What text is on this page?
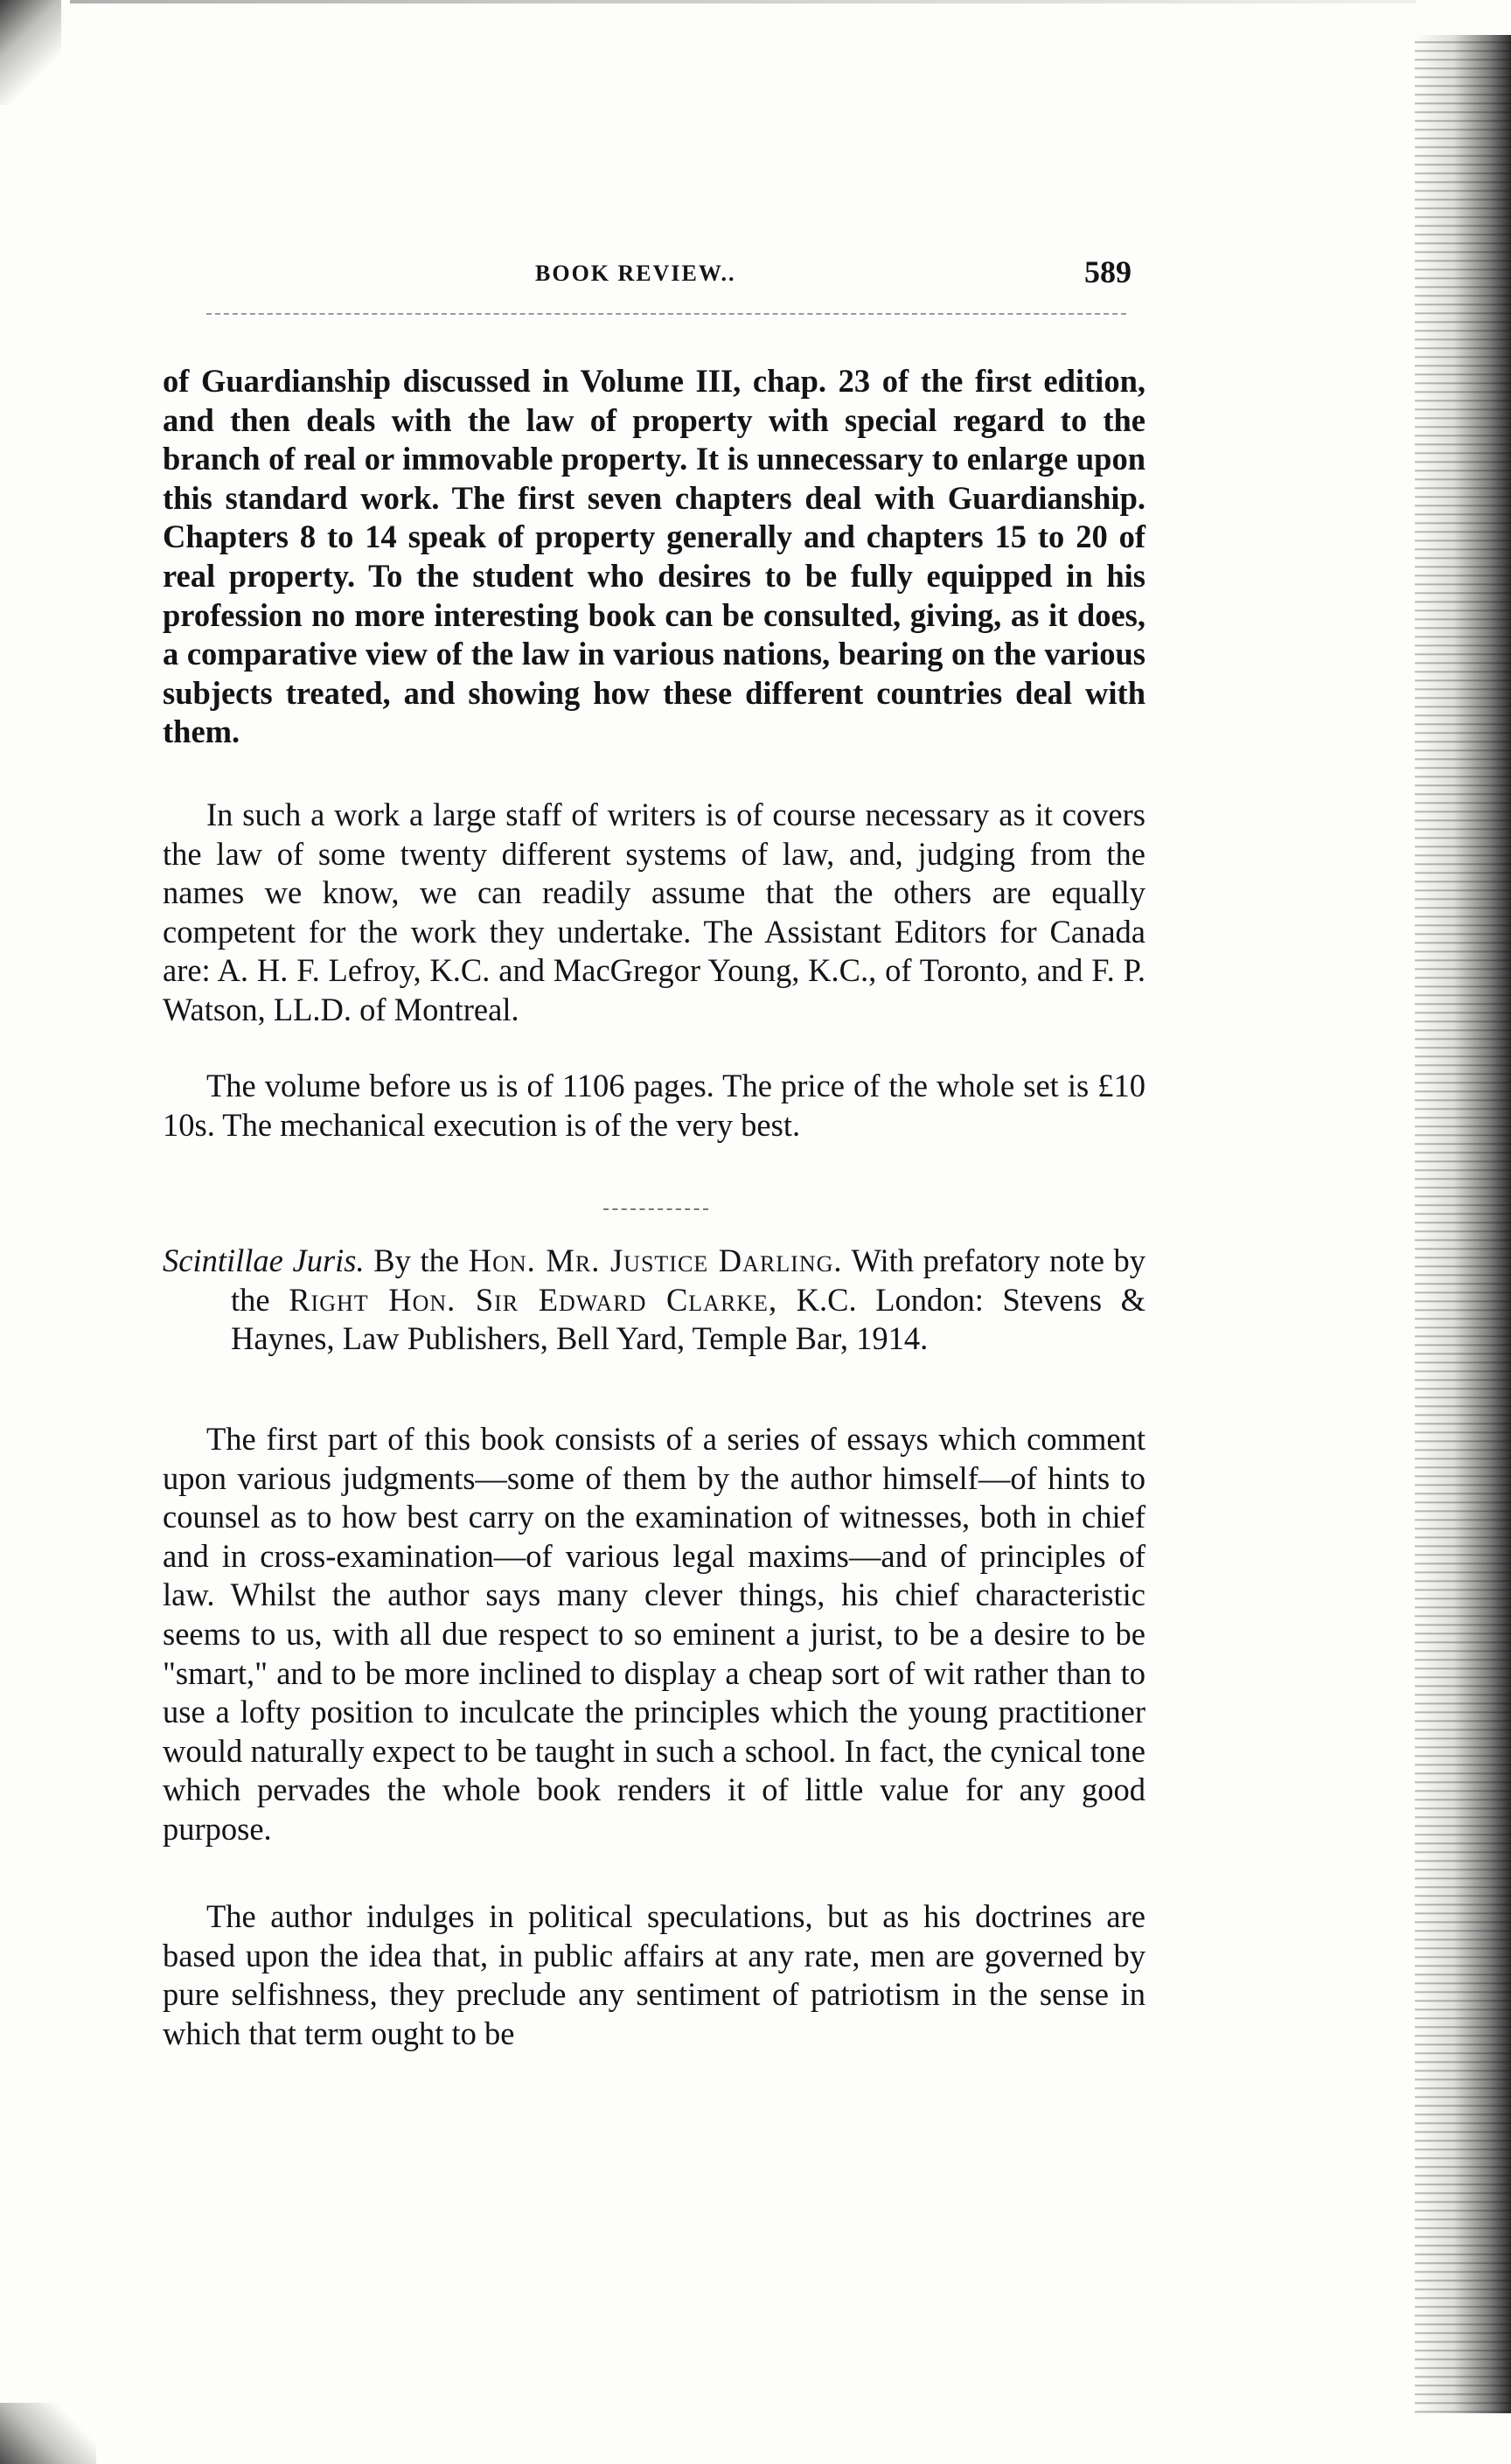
BOOK REVIEW..	589

of Guardianship discussed in Volume III, chap. 23 of the first edition, and then deals with the law of property with special regard to the branch of real or immovable property. It is unnecessary to enlarge upon this standard work. The first seven chapters deal with Guardianship. Chapters 8 to 14 speak of property generally and chapters 15 to 20 of real property. To the student who desires to be fully equipped in his profession no more interesting book can be consulted, giving, as it does, a comparative view of the law in various nations, bearing on the various subjects treated, and showing how these different countries deal with them.

In such a work a large staff of writers is of course necessary as it covers the law of some twenty different systems of law, and, judging from the names we know, we can readily assume that the others are equally competent for the work they undertake. The Assistant Editors for Canada are: A. H. F. Lefroy, K.C. and MacGregor Young, K.C., of Toronto, and F. P. Watson, LL.D. of Montreal.

The volume before us is of 1106 pages. The price of the whole set is £10 10s. The mechanical execution is of the very best.

Scintillae Juris. By the Hon. Mr. Justice Darling. With prefatory note by the Right Hon. Sir Edward Clarke, K.C. London: Stevens & Haynes, Law Publishers, Bell Yard, Temple Bar, 1914.

The first part of this book consists of a series of essays which comment upon various judgments—some of them by the author himself—of hints to counsel as to how best carry on the examination of witnesses, both in chief and in cross-examination—of various legal maxims—and of principles of law. Whilst the author says many clever things, his chief characteristic seems to us, with all due respect to so eminent a jurist, to be a desire to be "smart," and to be more inclined to display a cheap sort of wit rather than to use a lofty position to inculcate the principles which the young practitioner would naturally expect to be taught in such a school. In fact, the cynical tone which pervades the whole book renders it of little value for any good purpose.

The author indulges in political speculations, but as his doctrines are based upon the idea that, in public affairs at any rate, men are governed by pure selfishness, they preclude any sentiment of patriotism in the sense in which that term ought to be
